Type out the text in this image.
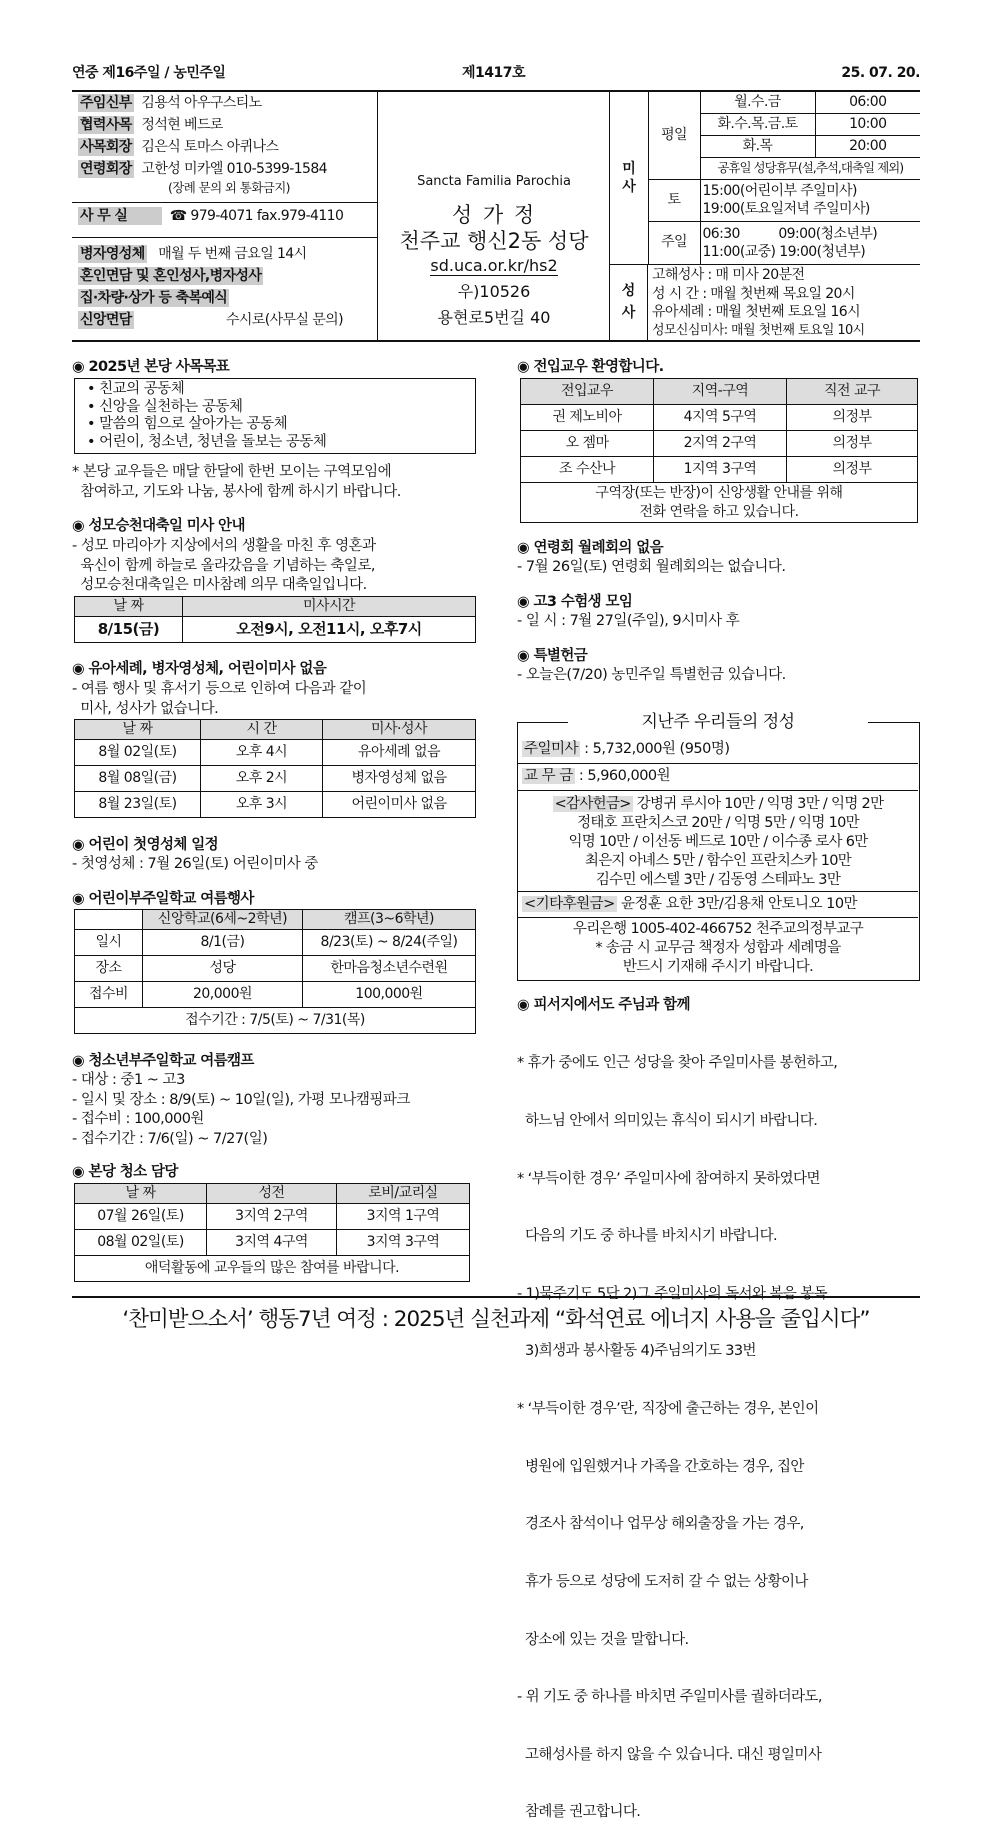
연중 제16주일 / 농민주일	제1417호	25. 07. 20.
주임신부 김용석 아우구스티노
협력사목 정석현 베드로
사목회장 김은식 토마스 아퀴나스
연령회장 고한성 미카엘 010-5399-1584
(장례 문의 외 통화금지)
사 무 실	☎ 979-4071 fax.979-4110
병자영성체 매월 두 번째 금요일 14시
혼인면담 및 혼인성사,병자성사
집·차량·상가 등 축복예식
신앙면담	수시로(사무실 문의)
Sancta Familia Parochia
성 가 정
천주교 행신2동 성당
sd.uca.or.kr/hs2
우)10526
용현로5번길 40
미
사	평일	월.수.금	06:00
		화.수.목.금.토	10:00
		화.목	20:00
		공휴일 성당휴무(설,추석,대축일 제외)	
	토	15:00(어린이부 주일미사)
19:00(토요일저녁 주일미사)	

	주일	06:30          09:00(청소년부)
11:00(교중) 19:00(청년부)	
성
사
고해성사 : 매 미사 20분전
성 시 간 : 매월 첫번째 목요일 20시
유아세례 : 매월 첫번째 토요일 16시
성모신심미사: 매월 첫번째 토요일 10시
◉ 2025년 본당 사목목표
• 친교의 공동체
• 신앙을 실천하는 공동체
• 말씀의 힘으로 살아가는 공동체
• 어린이, 청소년, 청년을 돌보는 공동체
* 본당 교우들은 매달 한달에 한번 모이는 구역모임에
참여하고, 기도와 나눔, 봉사에 함께 하시기 바랍니다.
◉ 성모승천대축일 미사 안내
- 성모 마리아가 지상에서의 생활을 마친 후 영혼과
육신이 함께 하늘로 올라갔음을 기념하는 축일로,
성모승천대축일은 미사참례 의무 대축일입니다.
날 짜	미사시간
8/15(금)	오전9시, 오전11시, 오후7시
◉ 유아세례, 병자영성체, 어린이미사 없음
- 여름 행사 및 휴서기 등으로 인하여 다음과 같이
미사, 성사가 없습니다.
날 짜	시 간	미사·성사
8월 02일(토)	오후 4시	유아세례 없음
8월 08일(금)	오후 2시	병자영성체 없음
8월 23일(토)	오후 3시	어린이미사 없음
◉ 어린이 첫영성체 일정
- 첫영성체 : 7월 26일(토) 어린이미사 중
◉ 어린이부주일학교 여름행사
	신앙학교(6세~2학년)	캠프(3~6학년)
일시	8/1(금)	8/23(토) ~ 8/24(주일)
장소	성당	한마음청소년수련원
접수비	20,000원	100,000원
접수기간 : 7/5(토) ~ 7/31(목)		
◉ 청소년부주일학교 여름캠프
- 대상 : 중1 ~ 고3
- 일시 및 장소 : 8/9(토) ~ 10일(일), 가평 모나캠핑파크
- 접수비 : 100,000원
- 접수기간 : 7/6(일) ~ 7/27(일)
◉ 본당 청소 담당
날 짜	성전	로비/교리실
07월 26일(토)	3지역 2구역	3지역 1구역
08월 02일(토)	3지역 4구역	3지역 3구역
애덕활동에 교우들의 많은 참여를 바랍니다.		
◉ 전입교우 환영합니다.
전입교우	지역-구역	직전 교구
권 제노비아	4지역 5구역	의정부
오 젬마	2지역 2구역	의정부
조 수산나	1지역 3구역	의정부

구역장(또는 반장)이 신앙생활 안내를 위해
전화 연락을 하고 있습니다.		
◉ 연령회 월례회의 없음
- 7월 26일(토) 연령회 월례회의는 없습니다.
◉ 고3 수험생 모임
- 일 시 : 7월 27일(주일), 9시미사 후
◉ 특별헌금
- 오늘은(7/20) 농민주일 특별헌금 있습니다.
지난주 우리들의 정성
주일미사 : 5,732,000원 (950명)
교 무 금 : 5,960,000원
<감사헌금> 강병귀 루시아 10만 / 익명 3만 / 익명 2만
정태호 프란치스코 20만 / 익명 5만 / 익명 10만
익명 10만 / 이선동 베드로 10만 / 이수종 로사 6만
최은지 아녜스 5만 / 함수인 프란치스카 10만
김수민 에스텔 3만 / 김동영 스테파노 3만
<기타후원금> 윤정훈 요한 3만/김용채 안토니오 10만
우리은행 1005-402-466752 천주교의정부교구
* 송금 시 교무금 책정자 성함과 세례명을
반드시 기재해 주시기 바랍니다.
◉ 피서지에서도 주님과 함께

* 휴가 중에도 인근 성당을 찾아 주일미사를 봉헌하고,

하느님 안에서 의미있는 휴식이 되시기 바랍니다.

* ‘부득이한 경우’ 주일미사에 참여하지 못하였다면

다음의 기도 중 하나를 바치시기 바랍니다.

- 1)묵주기도 5단 2)그 주일미사의 독서와 복음 봉독

3)희생과 봉사활동 4)주님의기도 33번

* ‘부득이한 경우’란, 직장에 출근하는 경우, 본인이

병원에 입원했거나 가족을 간호하는 경우, 집안

경조사 참석이나 업무상 해외출장을 가는 경우,

휴가 등으로 성당에 도저히 갈 수 없는 상황이나

장소에 있는 것을 말합니다.

- 위 기도 중 하나를 바치면 주일미사를 궐하더라도,

고해성사를 하지 않을 수 있습니다. 대신 평일미사

참례를 권고합니다.

‘찬미받으소서’ 행동7년 여정 : 2025년 실천과제 “화석연료 에너지 사용을 줄입시다”
